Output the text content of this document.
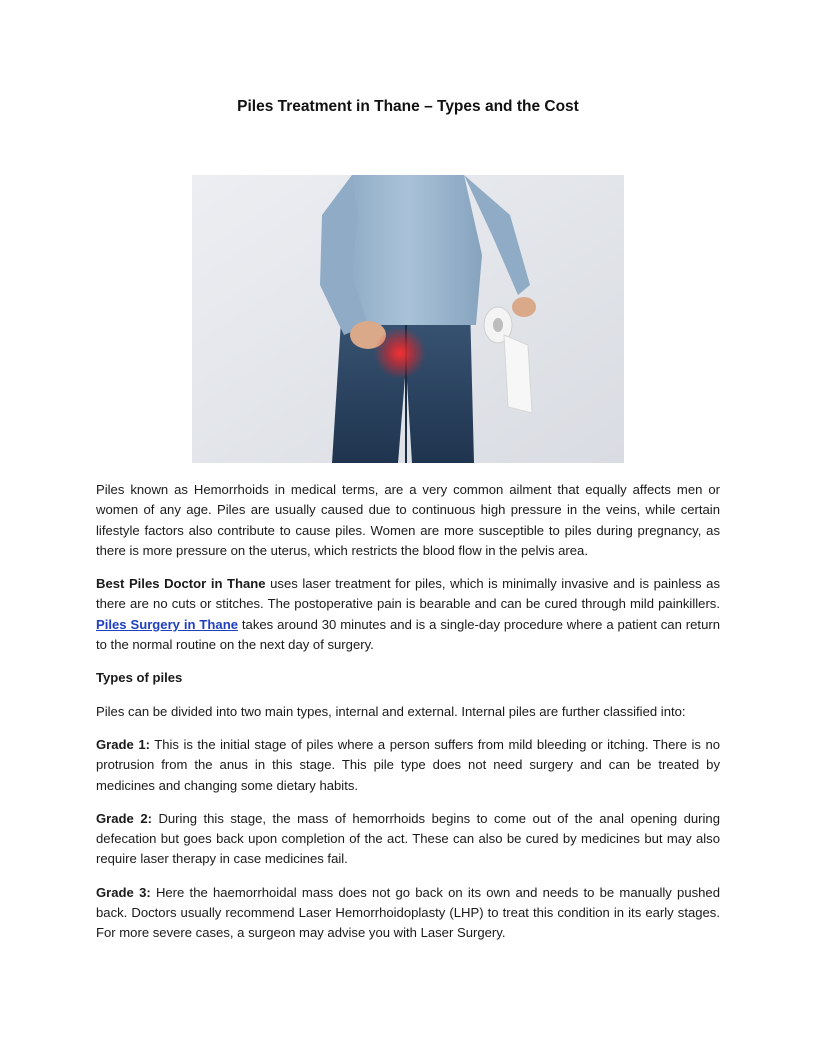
Piles Treatment in Thane – Types and the Cost

Piles known as Hemorrhoids in medical terms, are a very common ailment that equally affects men or women of any age. Piles are usually caused due to continuous high pressure in the veins, while certain lifestyle factors also contribute to cause piles. Women are more susceptible to piles during pregnancy, as there is more pressure on the uterus, which restricts the blood flow in the pelvis area.

Best Piles Doctor in Thane uses laser treatment for piles, which is minimally invasive and is painless as there are no cuts or stitches. The postoperative pain is bearable and can be cured through mild painkillers. Piles Surgery in Thane takes around 30 minutes and is a single-day procedure where a patient can return to the normal routine on the next day of surgery.

Types of piles

Piles can be divided into two main types, internal and external. Internal piles are further classified into:

Grade 1: This is the initial stage of piles where a person suffers from mild bleeding or itching. There is no protrusion from the anus in this stage. This pile type does not need surgery and can be treated by medicines and changing some dietary habits.

Grade 2: During this stage, the mass of hemorrhoids begins to come out of the anal opening during defecation but goes back upon completion of the act. These can also be cured by medicines but may also require laser therapy in case medicines fail.

Grade 3: Here the haemorrhoidal mass does not go back on its own and needs to be manually pushed back. Doctors usually recommend Laser Hemorrhoidoplasty (LHP) to treat this condition in its early stages. For more severe cases, a surgeon may advise you with Laser Surgery.
